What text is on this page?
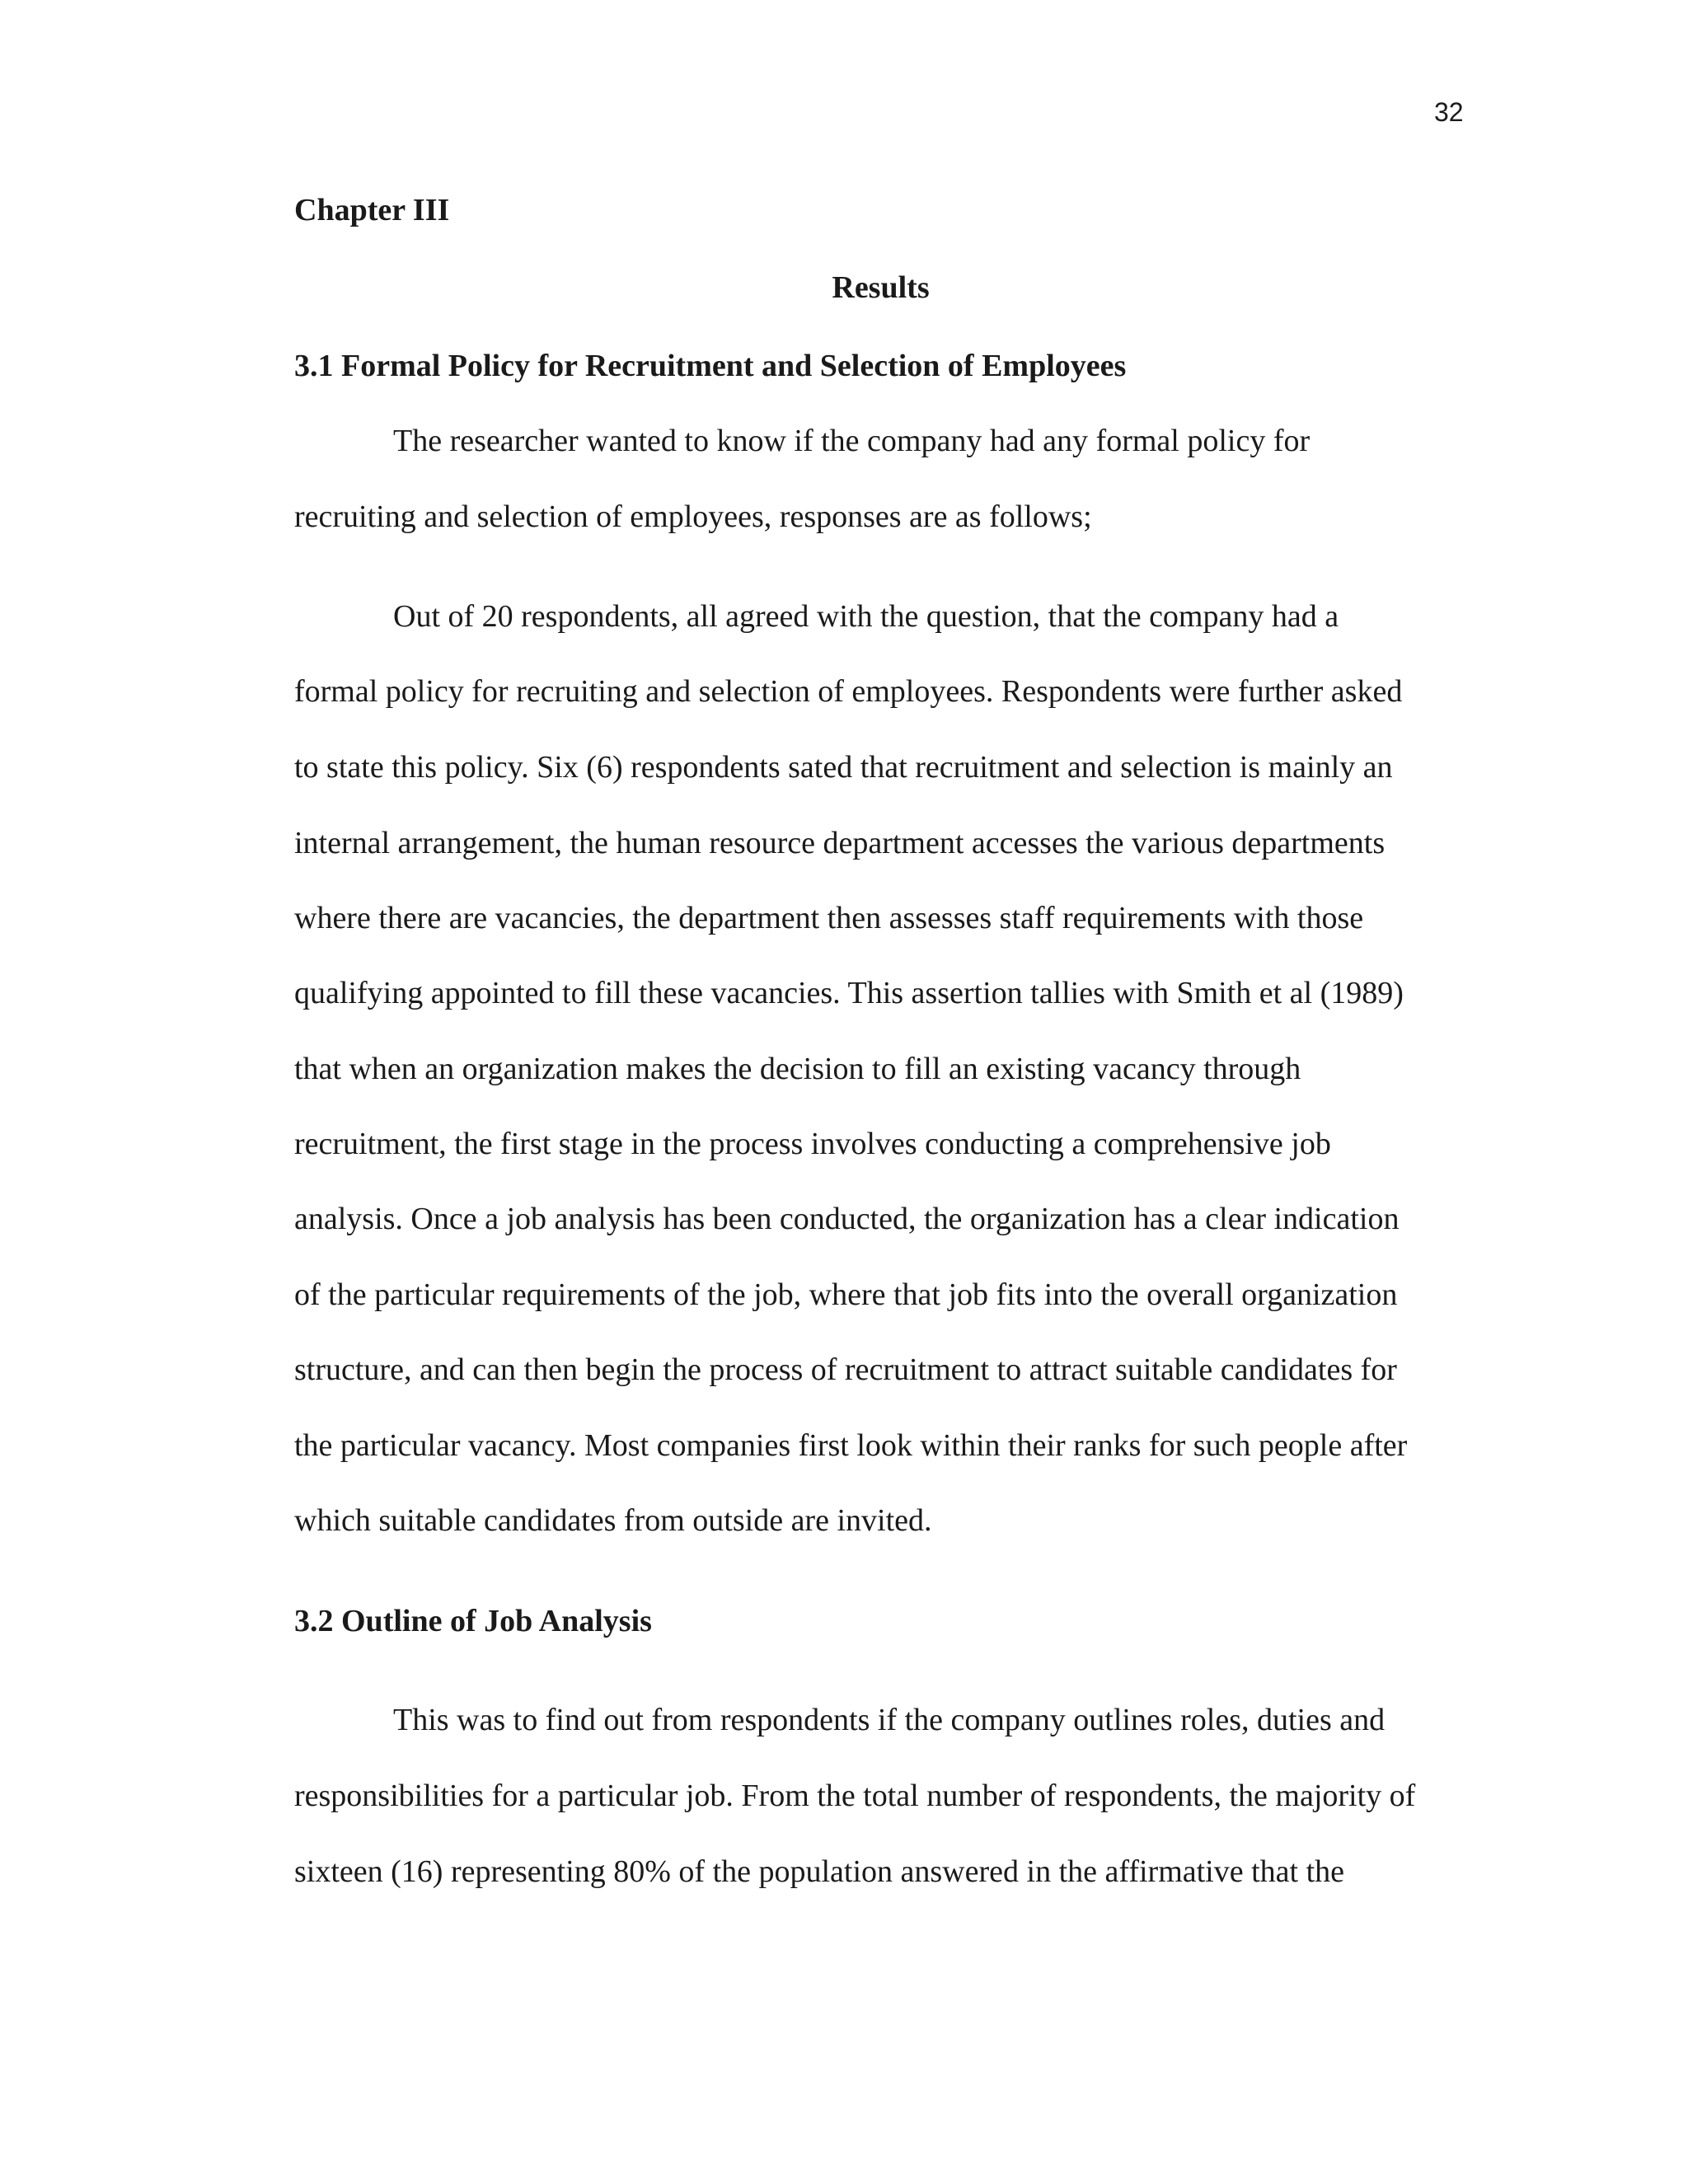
32
Chapter III
Results
3.1 Formal Policy for Recruitment and Selection of Employees
The researcher wanted to know if the company had any formal policy for
recruiting and selection of employees, responses are as follows;
Out of 20 respondents, all agreed with the question, that the company had a
formal policy for recruiting and selection of employees. Respondents were further asked
to state this policy. Six (6) respondents sated that recruitment and selection is mainly an
internal arrangement, the human resource department accesses the various departments
where there are vacancies, the department then assesses staff requirements with those
qualifying appointed to fill these vacancies. This assertion tallies with Smith et al (1989)
that when an organization makes the decision to fill an existing vacancy through
recruitment, the first stage in the process involves conducting a comprehensive job
analysis. Once a job analysis has been conducted, the organization has a clear indication
of the particular requirements of the job, where that job fits into the overall organization
structure, and can then begin the process of recruitment to attract suitable candidates for
the particular vacancy. Most companies first look within their ranks for such people after
which suitable candidates from outside are invited.
3.2 Outline of Job Analysis
This was to find out from respondents if the company outlines roles, duties and
responsibilities for a particular job. From the total number of respondents, the majority of
sixteen (16) representing 80% of the population answered in the affirmative that the
